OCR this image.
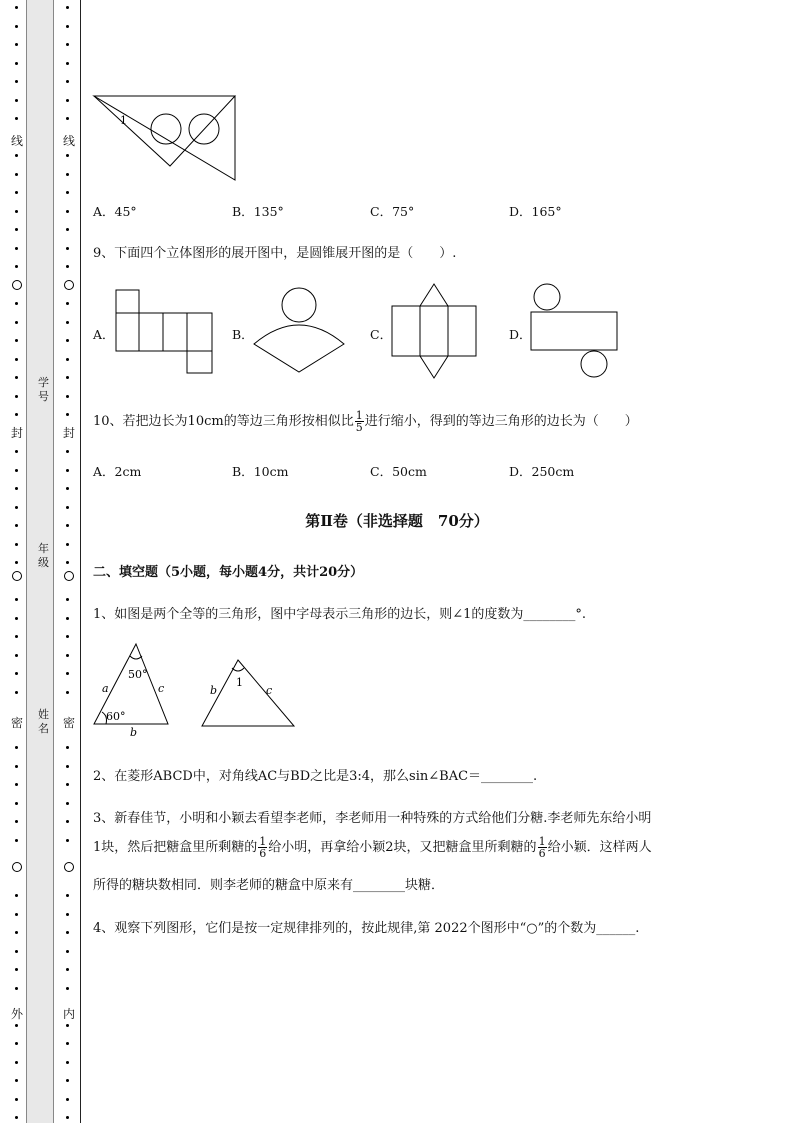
线
封
密
外
线
封
密
内
学号
年级
姓名
1
A．45°	B．135°	C．75°	D．165°
9、下面四个立体图形的展开图中，是圆锥展开图的是（　　）.
A．	B．	C．	D．
10、若把边长为10cm的等边三角形按相似比 $\frac{1}{5}$ 进行缩小，得到的等边三角形的边长为（　　）
A．2cm	B．10cm	C．50cm	D．250cm
第Ⅱ卷（非选择题　70分）
二、填空题（5小题，每小题4分，共计20分）
1、如图是两个全等的三角形，图中字母表示三角形的边长，则∠1的度数为________°.
50°
60°
a	c
b
1
b	c
2、在菱形ABCD中，对角线AC与BD之比是3:4，那么sin∠BAC＝________.
3、新春佳节，小明和小颖去看望李老师，李老师用一种特殊的方式给他们分糖.李老师先东给小明
1块，然后把糖盒里所剩糖的 $\frac{1}{6}$ 给小明，再拿给小颖2块，又把糖盒里所剩糖的 $\frac{1}{6}$ 给小颖．这样两人
所得的糖块数相同．则李老师的糖盒中原来有________块糖．
4、观察下列图形，它们是按一定规律排列的，按此规律,第 2022个图形中“○”的个数为______.
